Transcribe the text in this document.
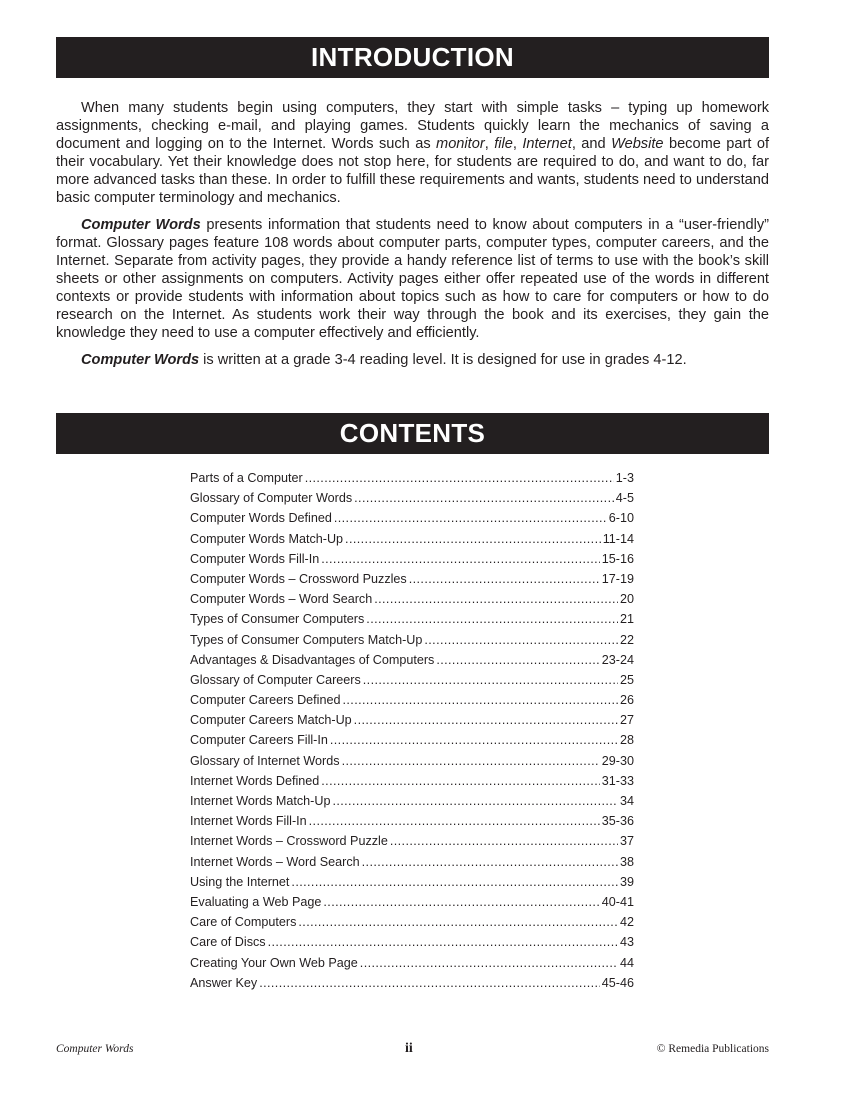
INTRODUCTION

When many students begin using computers, they start with simple tasks – typing up homework assignments, checking e-mail, and playing games. Students quickly learn the mechanics of saving a document and logging on to the Internet. Words such as monitor, file, Internet, and Website become part of their vocabulary. Yet their knowledge does not stop here, for students are required to do, and want to do, far more advanced tasks than these. In order to fulfill these requirements and wants, students need to understand basic computer terminology and mechanics.

Computer Words presents information that students need to know about computers in a “user-friendly” format. Glossary pages feature 108 words about computer parts, computer types, computer careers, and the Internet. Separate from activity pages, they provide a handy reference list of terms to use with the book’s skill sheets or other assignments on computers. Activity pages either offer repeated use of the words in different contexts or provide students with information about topics such as how to care for computers or how to do research on the Internet. As students work their way through the book and its exercises, they gain the knowledge they need to use a computer effectively and efficiently.

Computer Words is written at a grade 3-4 reading level. It is designed for use in grades 4-12.

CONTENTS
Parts of a Computer .....	1-3
Glossary of Computer Words .....	4-5
Computer Words Defined .....	6-10
Computer Words Match-Up .....	11-14
Computer Words Fill-In .....	15-16
Computer Words – Crossword Puzzles .....	17-19
Computer Words – Word Search .....	20
Types of Consumer Computers .....	21
Types of Consumer Computers Match-Up .....	22
Advantages & Disadvantages of Computers .....	23-24
Glossary of Computer Careers .....	25
Computer Careers Defined .....	26
Computer Careers Match-Up .....	27
Computer Careers Fill-In .....	28
Glossary of Internet Words .....	29-30
Internet Words Defined .....	31-33
Internet Words Match-Up .....	34
Internet Words Fill-In .....	35-36
Internet Words – Crossword Puzzle .....	37
Internet Words – Word Search .....	38
Using the Internet .....	39
Evaluating a Web Page .....	40-41
Care of Computers .....	42
Care of Discs .....	43
Creating Your Own Web Page .....	44
Answer Key .....	45-46
Computer Words	ii	© Remedia Publications
